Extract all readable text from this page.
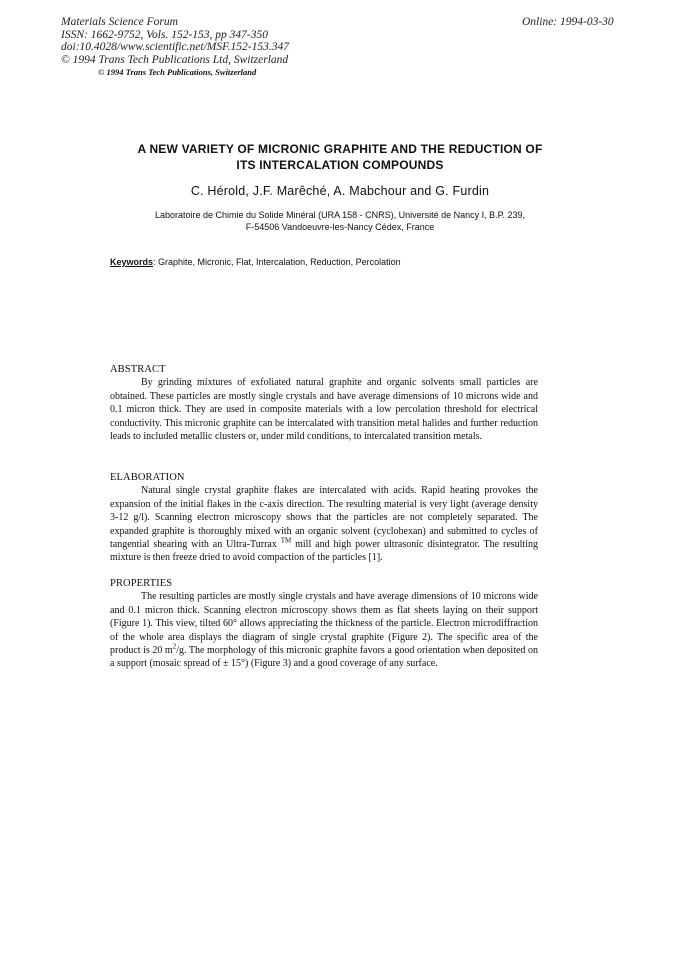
Materials Science Forum
ISSN: 1662-9752, Vols. 152-153, pp 347-350
doi:10.4028/www.scientific.net/MSF.152-153.347
© 1994 Trans Tech Publications Ltd, Switzerland
Online: 1994-03-30
© 1994 Trans Tech Publications, Switzerland
A NEW VARIETY OF MICRONIC GRAPHITE AND THE REDUCTION OF
ITS INTERCALATION COMPOUNDS
C. Hérold, J.F. Marêché, A. Mabchour and G. Furdin
Laboratoire de Chimie du Solide Minéral (URA 158 - CNRS), Université de Nancy I, B.P. 239,
F-54506 Vandoeuvre-les-Nancy Cédex, France
Keywords: Graphite, Micronic, Flat, Intercalation, Reduction, Percolation
ABSTRACT
By grinding mixtures of exfoliated natural graphite and organic solvents small particles are obtained. These particles are mostly single crystals and have average dimensions of 10 microns wide and 0.1 micron thick. They are used in composite materials with a low percolation threshold for electrical conductivity. This micronic graphite can be intercalated with transition metal halides and further reduction leads to included metallic clusters or, under mild conditions, to intercalated transition metals.
ELABORATION
Natural single crystal graphite flakes are intercalated with acids. Rapid heating provokes the expansion of the initial flakes in the c-axis direction. The resulting material is very light (average density 3-12 g/l). Scanning electron microscopy shows that the particles are not completely separated. The expanded graphite is thoroughly mixed with an organic solvent (cyclohexan) and submitted to cycles of tangential shearing with an Ultra-Turrax ™ mill and high power ultrasonic disintegrator. The resulting mixture is then freeze dried to avoid compaction of the particles [1].
PROPERTIES
The resulting particles are mostly single crystals and have average dimensions of 10 microns wide and 0.1 micron thick. Scanning electron microscopy shows them as flat sheets laying on their support (Figure 1). This view, tilted 60° allows appreciating the thickness of the particle. Electron microdiffraction of the whole area displays the diagram of single crystal graphite (Figure 2). The specific area of the product is 20 $m^2/g$. The morphology of this micronic graphite favors a good orientation when deposited on a support (mosaic spread of ± 15°) (Figure 3) and a good coverage of any surface.
